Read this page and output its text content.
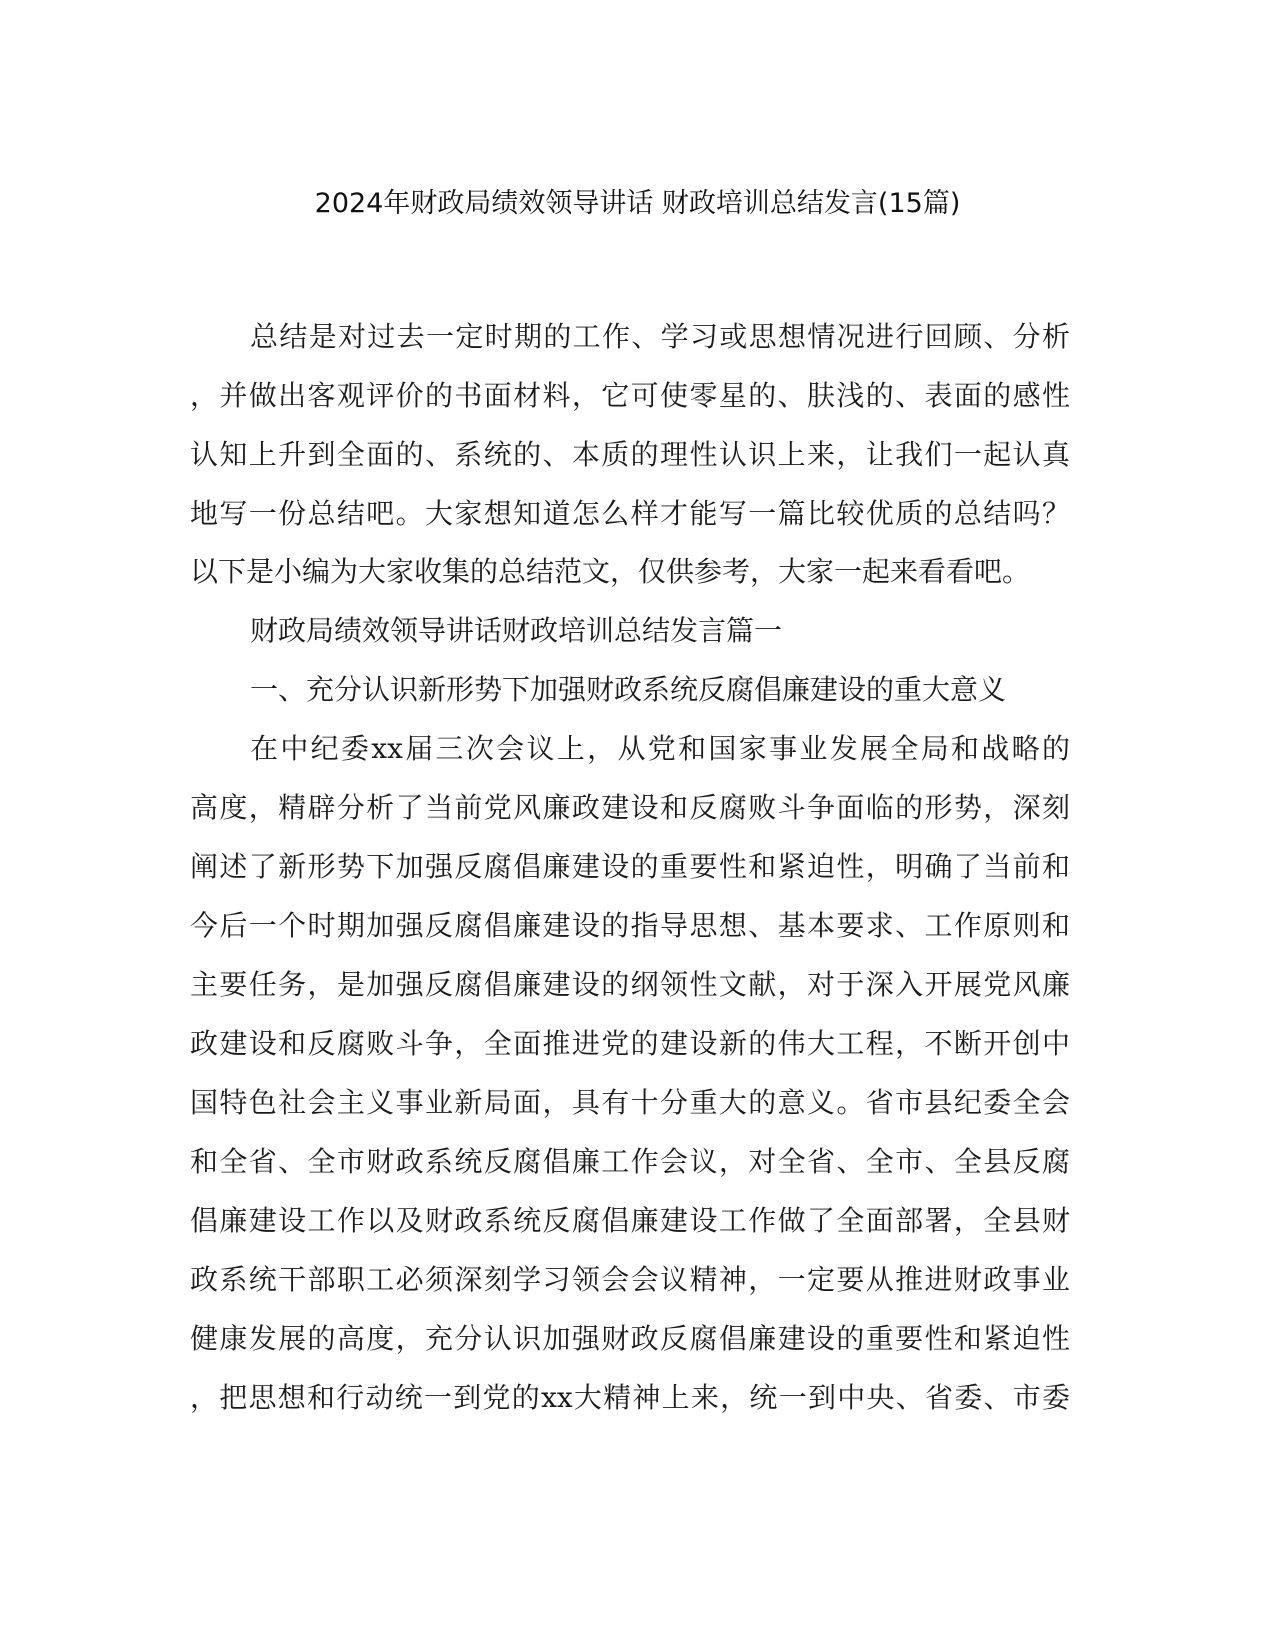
2024年财政局绩效领导讲话 财政培训总结发言(15篇)
总结是对过去一定时期的工作、学习或思想情况进行回顾、分析
，并做出客观评价的书面材料，它可使零星的、肤浅的、表面的感性
认知上升到全面的、系统的、本质的理性认识上来，让我们一起认真
地写一份总结吧。大家想知道怎么样才能写一篇比较优质的总结吗？
以下是小编为大家收集的总结范文，仅供参考，大家一起来看看吧。
财政局绩效领导讲话财政培训总结发言篇一
一、充分认识新形势下加强财政系统反腐倡廉建设的重大意义
在中纪委xx届三次会议上，从党和国家事业发展全局和战略的
高度，精辟分析了当前党风廉政建设和反腐败斗争面临的形势，深刻
阐述了新形势下加强反腐倡廉建设的重要性和紧迫性，明确了当前和
今后一个时期加强反腐倡廉建设的指导思想、基本要求、工作原则和
主要任务，是加强反腐倡廉建设的纲领性文献，对于深入开展党风廉
政建设和反腐败斗争，全面推进党的建设新的伟大工程，不断开创中
国特色社会主义事业新局面，具有十分重大的意义。省市县纪委全会
和全省、全市财政系统反腐倡廉工作会议，对全省、全市、全县反腐
倡廉建设工作以及财政系统反腐倡廉建设工作做了全面部署，全县财
政系统干部职工必须深刻学习领会会议精神，一定要从推进财政事业
健康发展的高度，充分认识加强财政反腐倡廉建设的重要性和紧迫性
，把思想和行动统一到党的xx大精神上来，统一到中央、省委、市委
